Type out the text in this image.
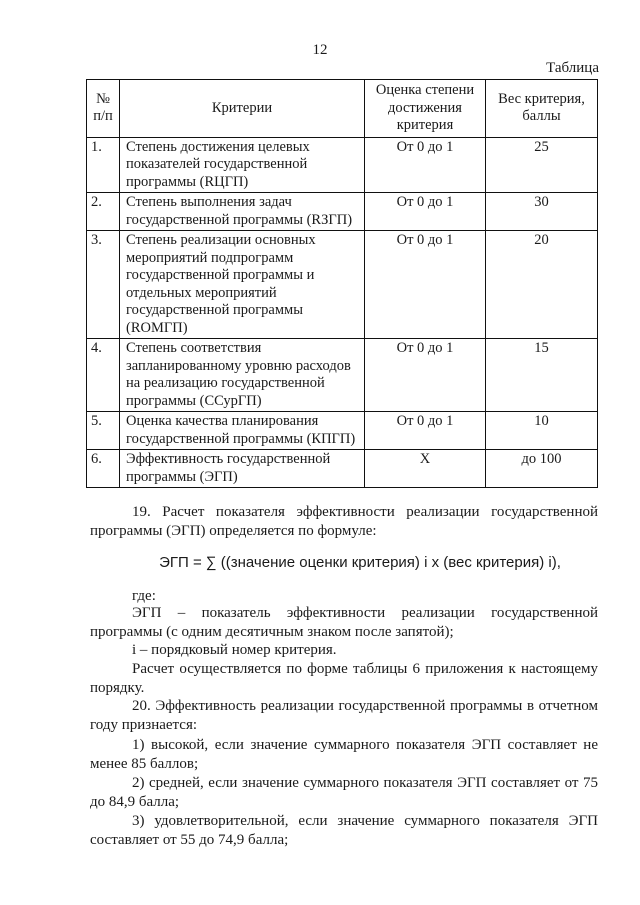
12
Таблица
№ п/п	Критерии	Оценка степени достижения критерия	Вес критерия, баллы
1.	Степень достижения целевых показателей государственной программы (RЦГП)	От 0 до 1	25
2.	Степень выполнения задач государственной программы (RЗГП)	От 0 до 1	30
3.	Степень реализации основных мероприятий подпрограмм государственной программы и отдельных мероприятий государственной программы (RОМГП)	От 0 до 1	20
4.	Степень соответствия запланированному уровню расходов на реализацию государственной программы (ССурГП)	От 0 до 1	15
5.	Оценка качества планирования государственной программы (КПГП)	От 0 до 1	10
6.	Эффективность государственной программы (ЭГП)	Х	до 100
19. Расчет показателя эффективности реализации государственной программы (ЭГП) определяется по формуле:
ЭГП = ∑ ((значение оценки критерия) i х (вес критерия) i),
где:
ЭГП – показатель эффективности реализации государственной программы (с одним десятичным знаком после запятой);
i – порядковый номер критерия.
Расчет осуществляется по форме таблицы 6 приложения к настоящему порядку.
20. Эффективность реализации государственной программы в отчетном году признается:
1) высокой, если значение суммарного показателя ЭГП составляет не менее 85 баллов;
2) средней, если значение суммарного показателя ЭГП составляет от 75 до 84,9 балла;
3) удовлетворительной, если значение суммарного показателя ЭГП составляет от 55 до 74,9 балла;
